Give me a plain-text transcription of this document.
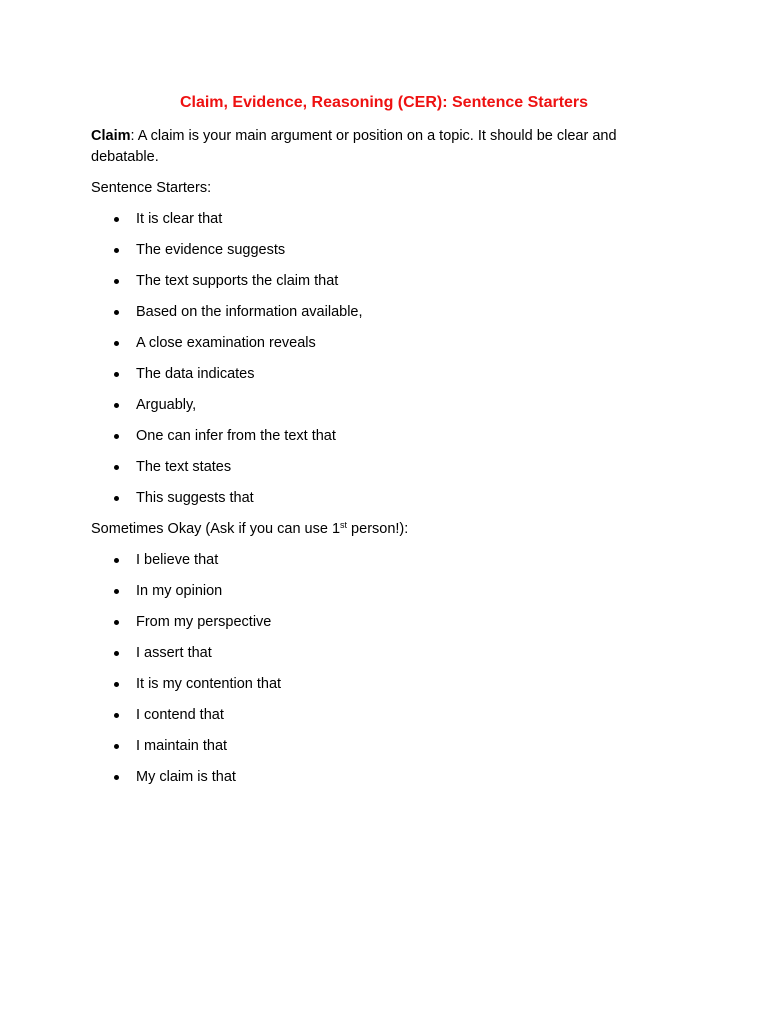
Claim, Evidence, Reasoning (CER): Sentence Starters
Claim: A claim is your main argument or position on a topic. It should be clear and debatable.
Sentence Starters:
It is clear that
The evidence suggests
The text supports the claim that
Based on the information available,
A close examination reveals
The data indicates
Arguably,
One can infer from the text that
The text states
This suggests that
Sometimes Okay (Ask if you can use 1st person!):
I believe that
In my opinion
From my perspective
I assert that
It is my contention that
I contend that
I maintain that
My claim is that
